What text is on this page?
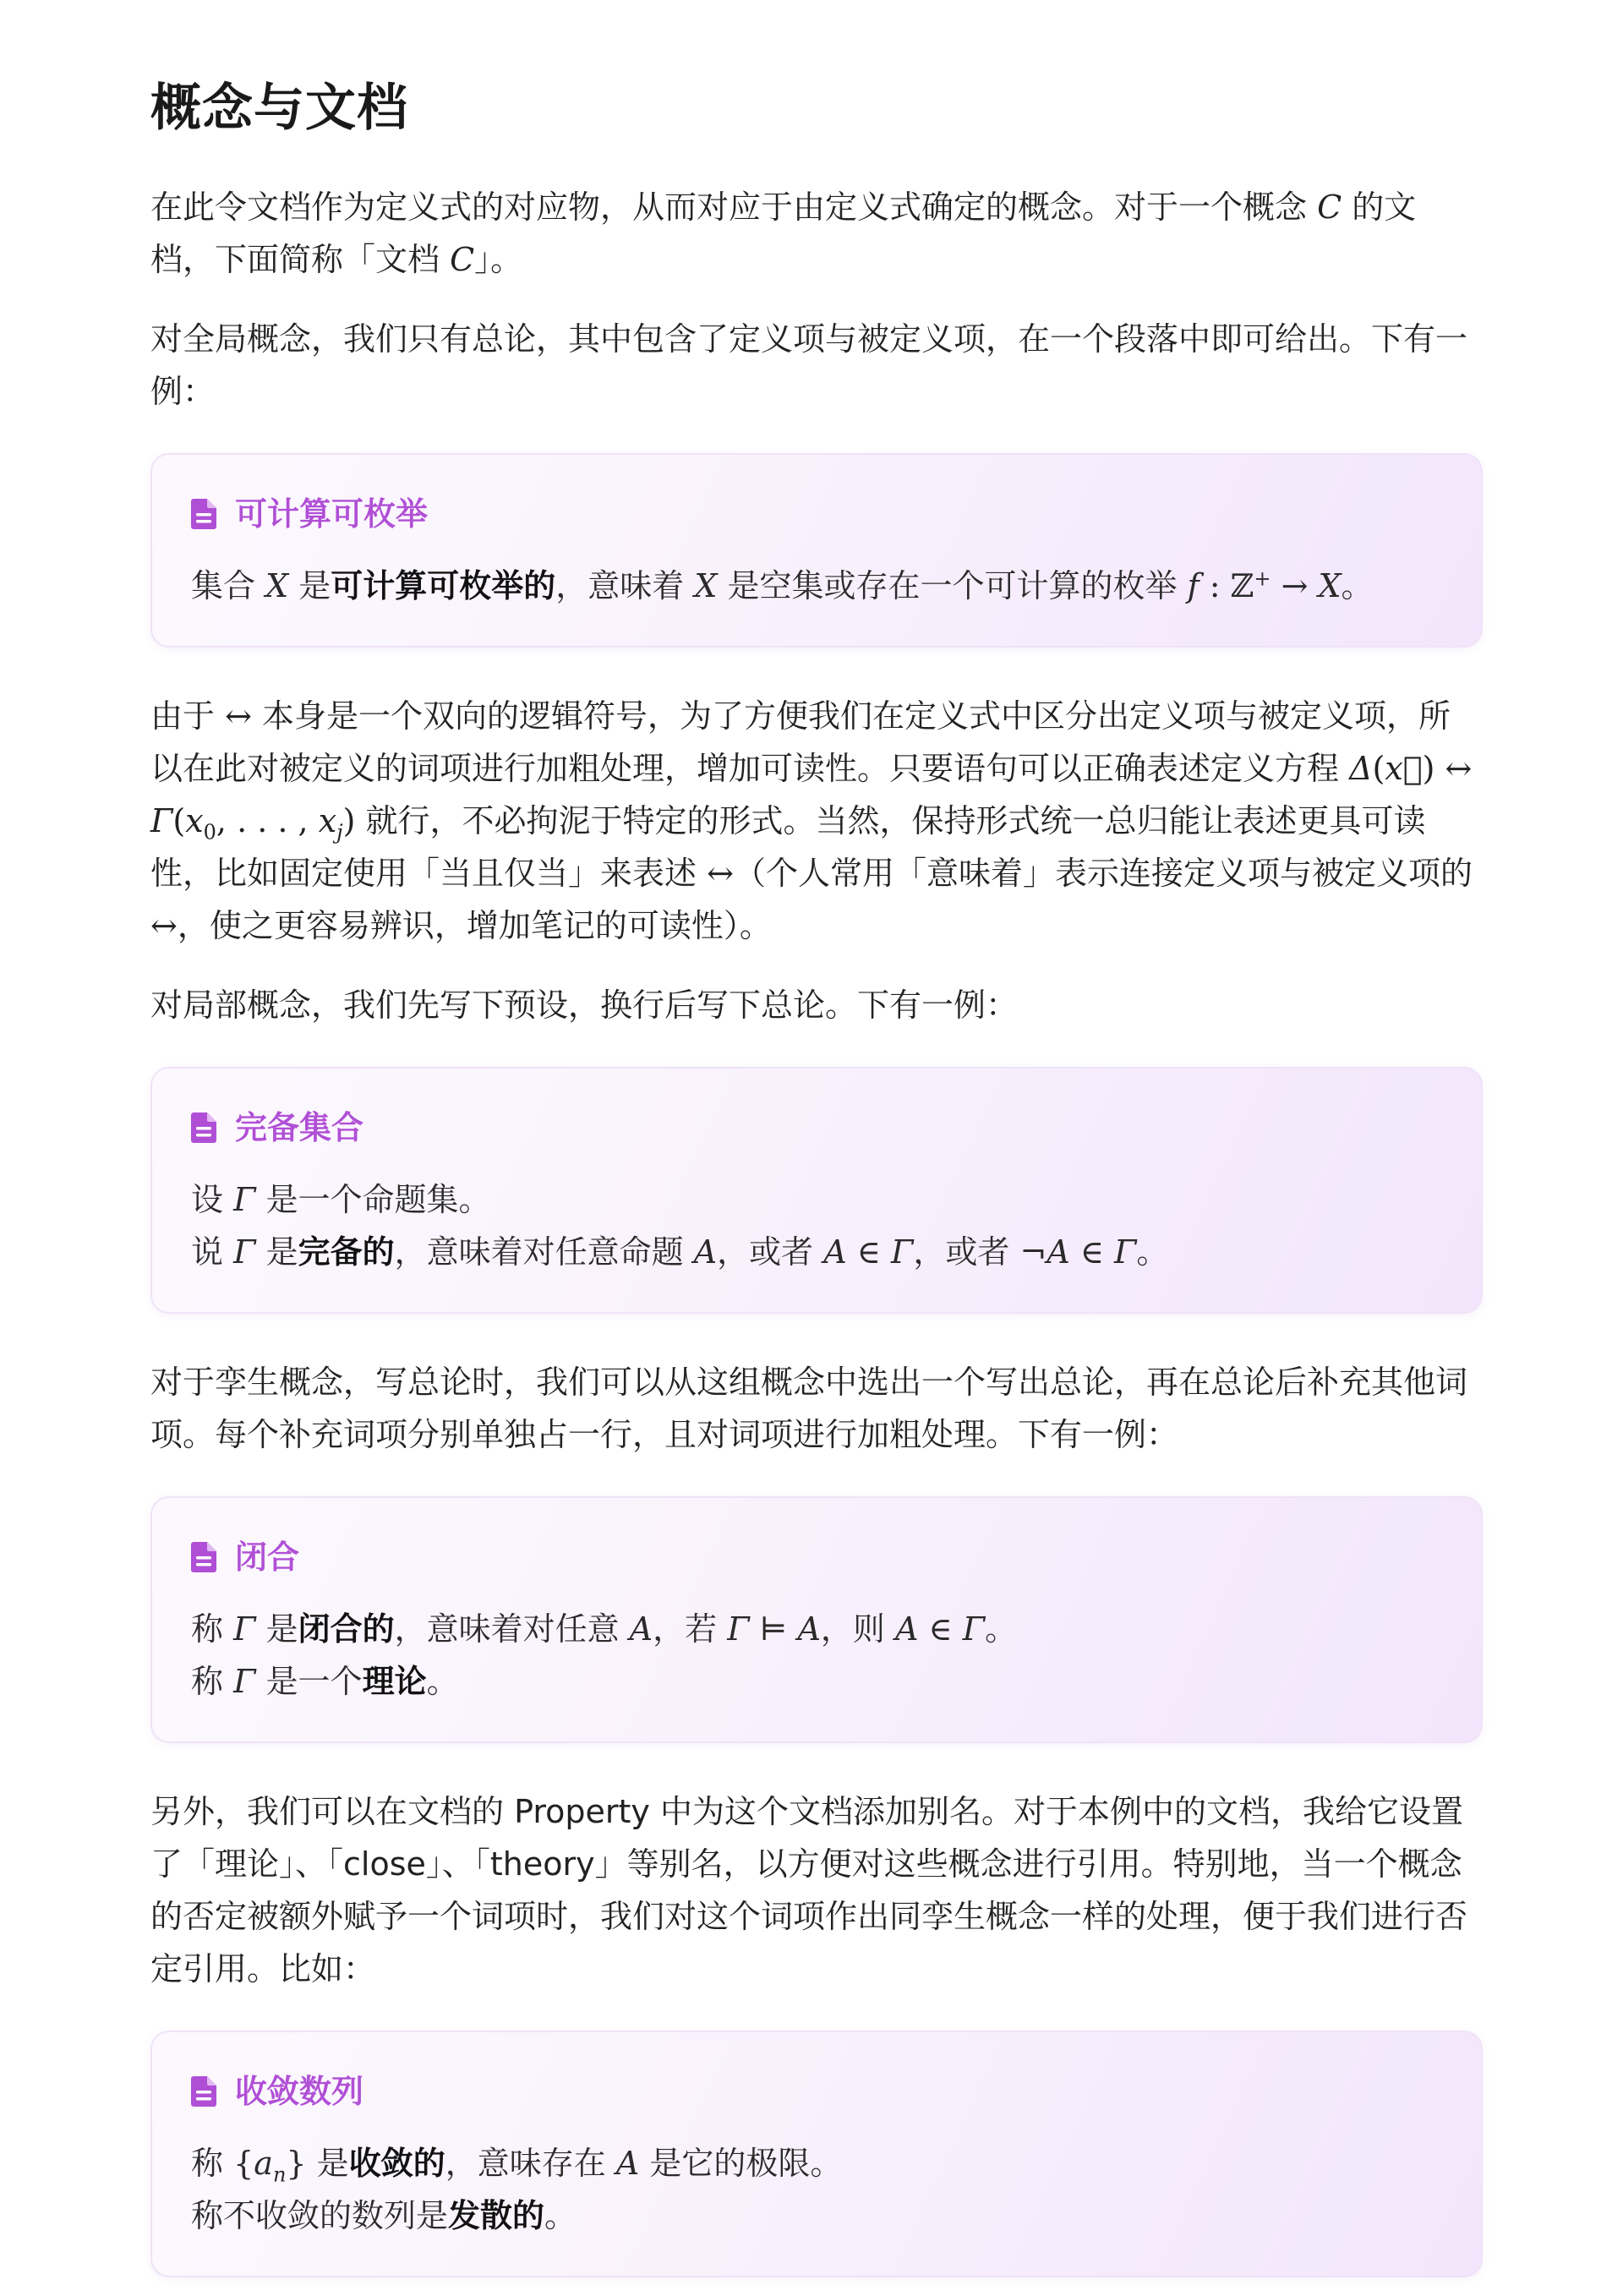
概念与文档

在此令文档作为定义式的对应物，从而对应于由定义式确定的概念。对于一个概念 C 的文档，下面简称「文档 C」。

对全局概念，我们只有总论，其中包含了定义项与被定义项，在一个段落中即可给出。下有一例：

可计算可枚举
集合 X 是可计算可枚举的，意味着 X 是空集或存在一个可计算的枚举 f : ℤ+ → X。

由于 ↔ 本身是一个双向的逻辑符号，为了方便我们在定义式中区分出定义项与被定义项，所以在此对被定义的词项进行加粗处理，增加可读性。只要语句可以正确表述定义方程 Δ(x⃗) ↔ $\Gamma(x_0$, . . . , $x_j$) 就行，不必拘泥于特定的形式。当然，保持形式统一总归能让表述更具可读性，比如固定使用「当且仅当」来表述 ↔（个人常用「意味着」表示连接定义项与被定义项的 ↔，使之更容易辨识，增加笔记的可读性）。

对局部概念，我们先写下预设，换行后写下总论。下有一例：

完备集合
设 Γ 是一个命题集。
说 Γ 是完备的，意味着对任意命题 A，或者 A ∈ Γ，或者 ¬A ∈ Γ。

对于孪生概念，写总论时，我们可以从这组概念中选出一个写出总论，再在总论后补充其他词项。每个补充词项分别单独占一行，且对词项进行加粗处理。下有一例：

闭合
称 Γ 是闭合的，意味着对任意 A，若 Γ ⊨ A，则 A ∈ Γ。
称 Γ 是一个理论。

另外，我们可以在文档的 Property 中为这个文档添加别名。对于本例中的文档，我给它设置了「理论」、「close」、「theory」等别名，以方便对这些概念进行引用。特别地，当一个概念的否定被额外赋予一个词项时，我们对这个词项作出同孪生概念一样的处理，便于我们进行否定引用。比如：

收敛数列
称 $\{a_n\}$ 是收敛的，意味存在 A 是它的极限。
称不收敛的数列是发散的。
